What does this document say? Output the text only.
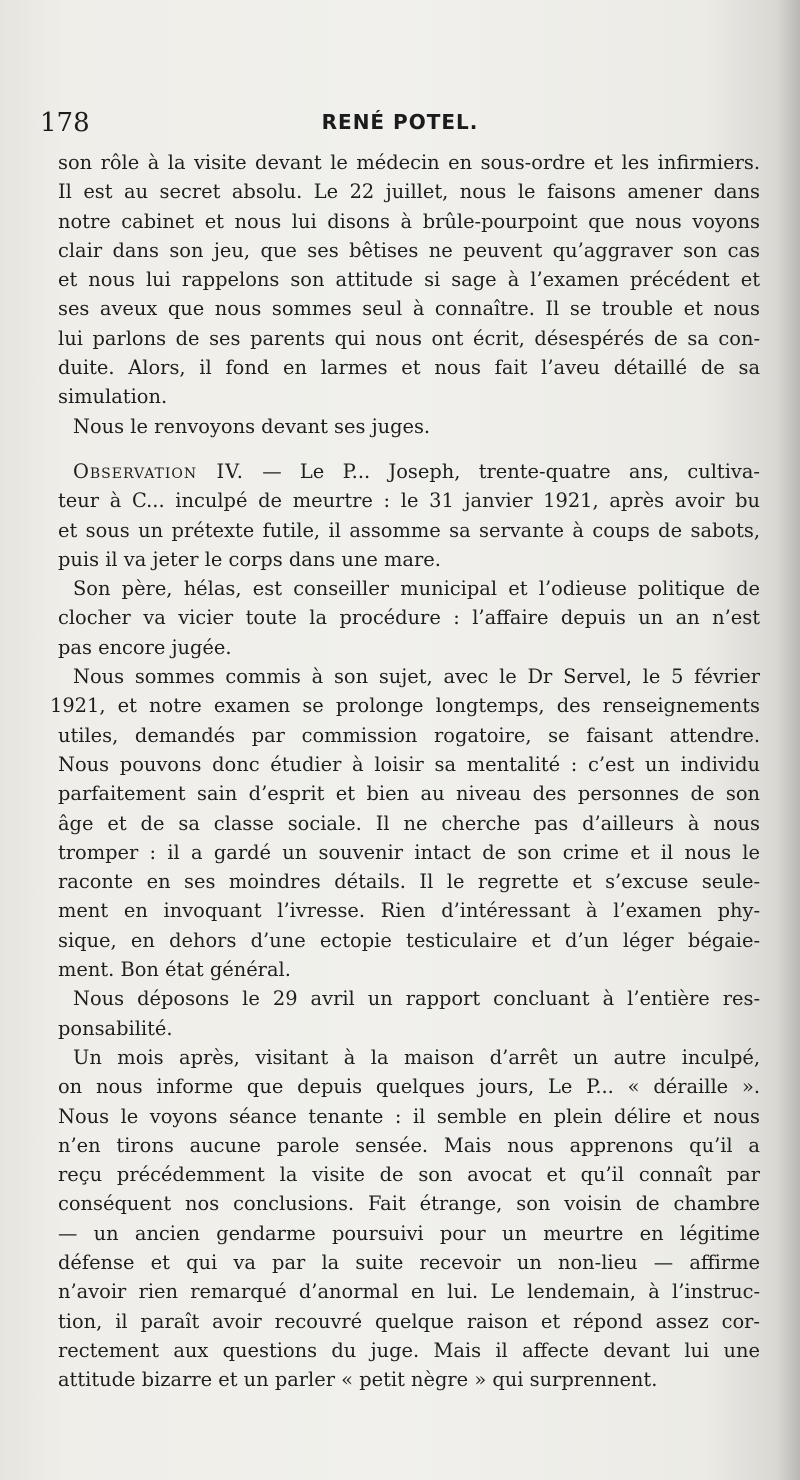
178	RENÉ POTEL.
son rôle à la visite devant le médecin en sous-ordre et les infirmiers.
Il est au secret absolu. Le 22 juillet, nous le faisons amener dans
notre cabinet et nous lui disons à brûle-pourpoint que nous voyons
clair dans son jeu, que ses bêtises ne peuvent qu’aggraver son cas
et nous lui rappelons son attitude si sage à l’examen précédent et
ses aveux que nous sommes seul à connaître. Il se trouble et nous
lui parlons de ses parents qui nous ont écrit, désespérés de sa con-
duite. Alors, il fond en larmes et nous fait l’aveu détaillé de sa
simulation.
Nous le renvoyons devant ses juges.
Observation IV. — Le P... Joseph, trente-quatre ans, cultiva-
teur à C... inculpé de meurtre : le 31 janvier 1921, après avoir bu
et sous un prétexte futile, il assomme sa servante à coups de sabots,
puis il va jeter le corps dans une mare.
Son père, hélas, est conseiller municipal et l’odieuse politique de
clocher va vicier toute la procédure : l’affaire depuis un an n’est
pas encore jugée.
Nous sommes commis à son sujet, avec le Dr Servel, le 5 février
1921, et notre examen se prolonge longtemps, des renseignements
utiles, demandés par commission rogatoire, se faisant attendre.
Nous pouvons donc étudier à loisir sa mentalité : c’est un individu
parfaitement sain d’esprit et bien au niveau des personnes de son
âge et de sa classe sociale. Il ne cherche pas d’ailleurs à nous
tromper : il a gardé un souvenir intact de son crime et il nous le
raconte en ses moindres détails. Il le regrette et s’excuse seule-
ment en invoquant l’ivresse. Rien d’intéressant à l’examen phy-
sique, en dehors d’une ectopie testiculaire et d’un léger bégaie-
ment. Bon état général.
Nous déposons le 29 avril un rapport concluant à l’entière res-
ponsabilité.
Un mois après, visitant à la maison d’arrêt un autre inculpé,
on nous informe que depuis quelques jours, Le P... « déraille ».
Nous le voyons séance tenante : il semble en plein délire et nous
n’en tirons aucune parole sensée. Mais nous apprenons qu’il a
reçu précédemment la visite de son avocat et qu’il connaît par
conséquent nos conclusions. Fait étrange, son voisin de chambre
— un ancien gendarme poursuivi pour un meurtre en légitime
défense et qui va par la suite recevoir un non-lieu — affirme
n’avoir rien remarqué d’anormal en lui. Le lendemain, à l’instruc-
tion, il paraît avoir recouvré quelque raison et répond assez cor-
rectement aux questions du juge. Mais il affecte devant lui une
attitude bizarre et un parler « petit nègre » qui surprennent.
